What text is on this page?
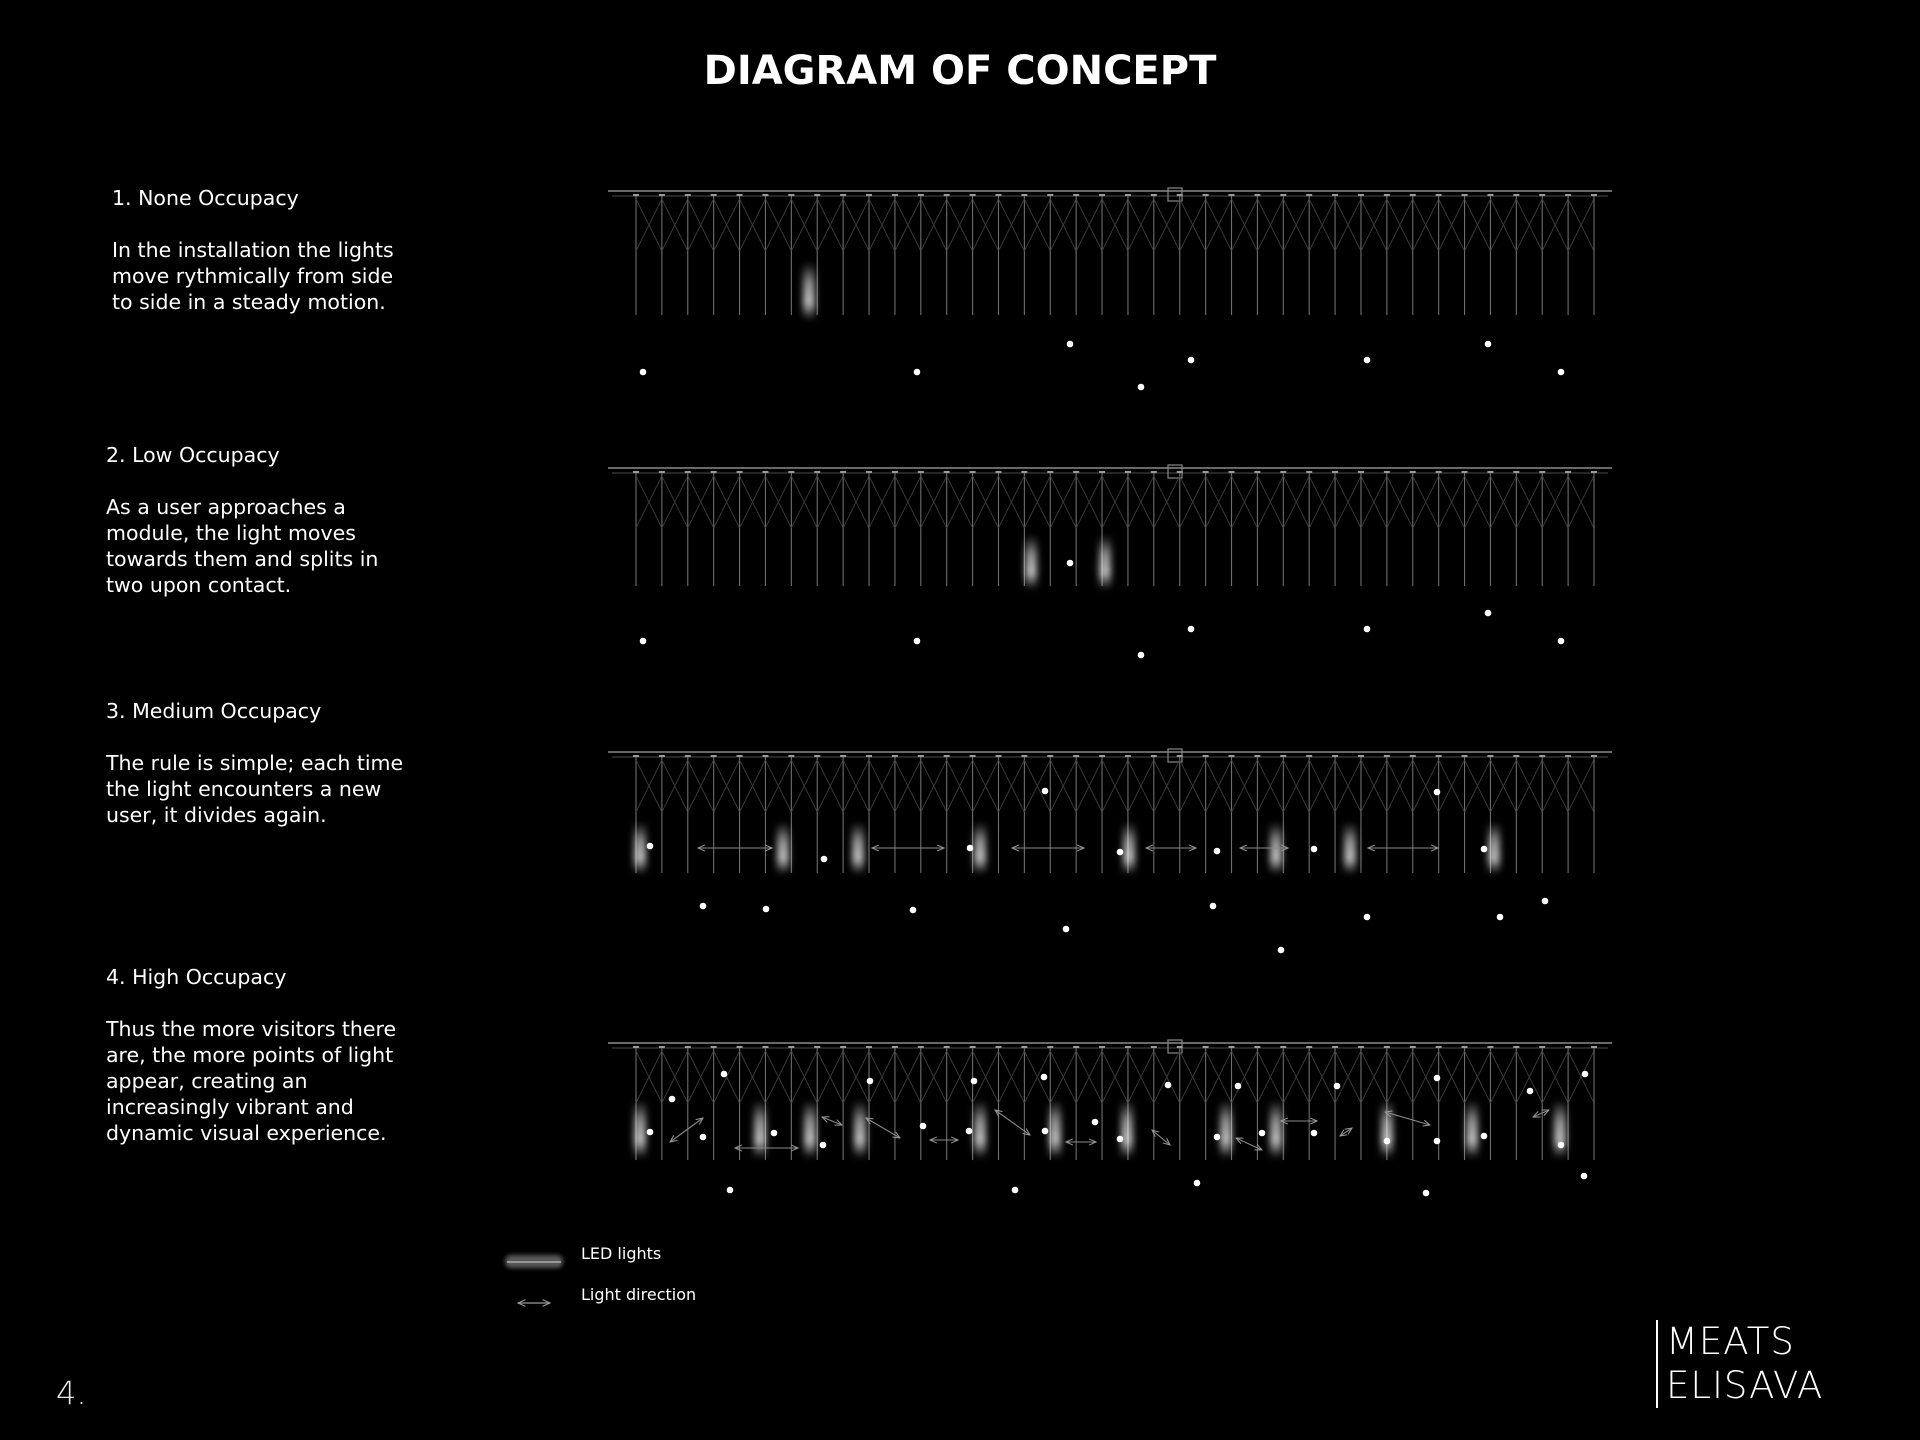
DIAGRAM OF CONCEPT

1. None Occupacy

In the installation the lights move rythmically from side to side in a steady motion.

2. Low Occupacy

As a user approaches a module, the light moves towards them and splits in two upon contact.

3. Medium Occupacy

The rule is simple; each time the light encounters a new user, it divides again.

4. High Occupacy

Thus the more visitors there are, the more points of light appear, creating an increasingly vibrant and dynamic visual experience.

LED lights
Light direction
4.
MEATS
ELISAVA
